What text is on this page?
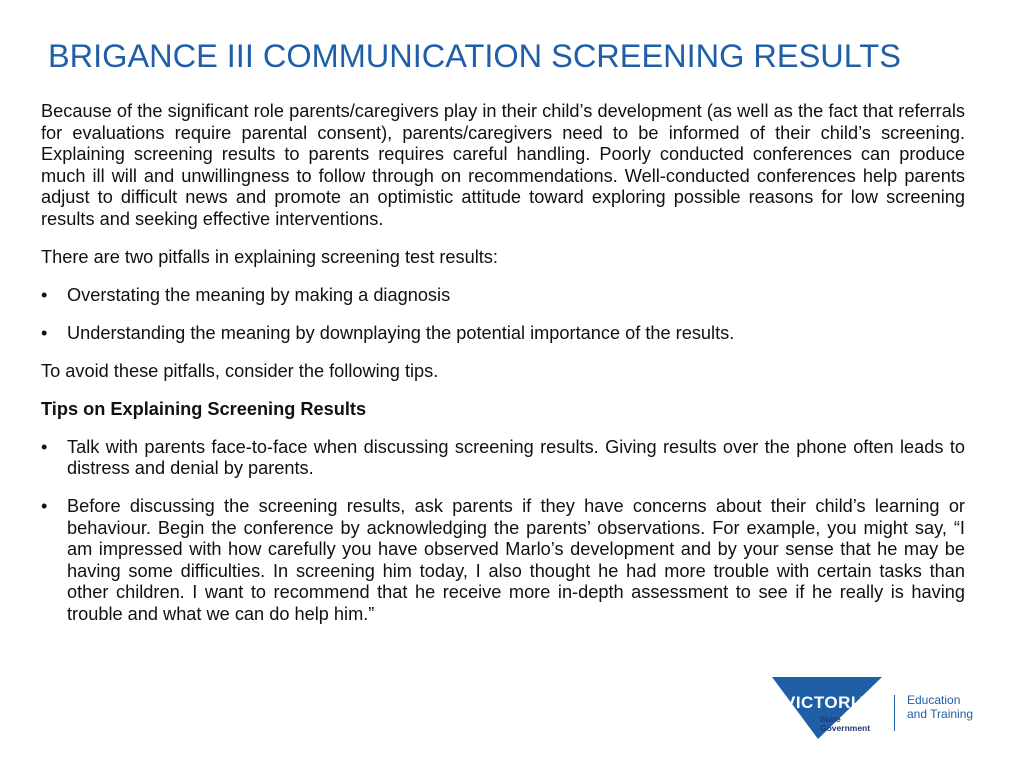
BRIGANCE III COMMUNICATION SCREENING RESULTS

Because of the significant role parents/caregivers play in their child’s development (as well as the fact that referrals for evaluations require parental consent), parents/caregivers need to be informed of their child’s screening. Explaining screening results to parents requires careful handling. Poorly conducted conferences can produce much ill will and unwillingness to follow through on recommendations. Well-conducted conferences help parents adjust to difficult news and promote an optimistic attitude toward exploring possible reasons for low screening results and seeking effective interventions.

There are two pitfalls in explaining screening test results:

• Overstating the meaning by making a diagnosis
• Understanding the meaning by downplaying the potential importance of the results.

To avoid these pitfalls, consider the following tips.

Tips on Explaining Screening Results

• Talk with parents face-to-face when discussing screening results. Giving results over the phone often leads to distress and denial by parents.
• Before discussing the screening results, ask parents if they have concerns about their child’s learning or behaviour. Begin the conference by acknowledging the parents’ observations. For example, you might say, “I am impressed with how carefully you have observed Marlo’s development and by your sense that he may be having some difficulties. In screening him today, I also thought he had more trouble with certain tasks than other children. I want to recommend that he receive more in-depth assessment to see if he really is having trouble and what we can do help him.”
VICTORIA
State
Government
Education
and Training
